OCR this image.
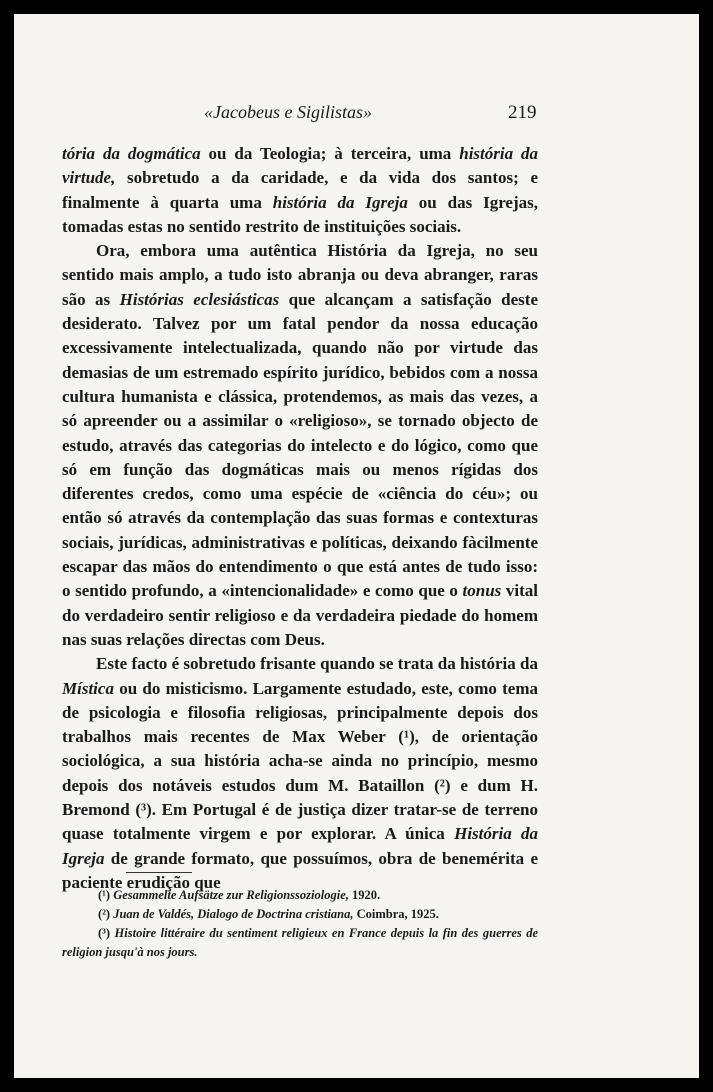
«Jacobeus e Sigilistas»	219

tória da dogmática ou da Teologia; à terceira, uma história da virtude, sobretudo a da caridade, e da vida dos santos; e finalmente à quarta uma história da Igreja ou das Igrejas, tomadas estas no sentido restrito de instituições sociais.

Ora, embora uma autêntica História da Igreja, no seu sentido mais amplo, a tudo isto abranja ou deva abranger, raras são as Histórias eclesiásticas que alcançam a satisfação deste desiderato. Talvez por um fatal pendor da nossa educação excessivamente intelectualizada, quando não por virtude das demasias de um estremado espírito jurídico, bebidos com a nossa cultura humanista e clássica, protendemos, as mais das vezes, a só apreender ou a assimilar o «religioso», se tornado objecto de estudo, através das categorias do intelecto e do lógico, como que só em função das dogmáticas mais ou menos rígidas dos diferentes credos, como uma espécie de «ciência do céu»; ou então só através da contemplação das suas formas e contexturas sociais, jurídicas, administrativas e políticas, deixando fàcilmente escapar das mãos do entendimento o que está antes de tudo isso: o sentido profundo, a «intencionalidade» e como que o tonus vital do verdadeiro sentir religioso e da verdadeira piedade do homem nas suas relações directas com Deus.

Este facto é sobretudo frisante quando se trata da história da Mística ou do misticismo. Largamente estudado, este, como tema de psicologia e filosofia religiosas, principalmente depois dos trabalhos mais recentes de Max Weber (¹), de orientação sociológica, a sua história acha-se ainda no princípio, mesmo depois dos notáveis estudos dum M. Bataillon (²) e dum H. Bremond (³). Em Portugal é de justiça dizer tratar-se de terreno quase totalmente virgem e por explorar. A única História da Igreja de grande formato, que possuímos, obra de benemérita e paciente erudição que

(¹) Gesammelte Aufsätze zur Religionssoziologie, 1920.
(²) Juan de Valdés, Dialogo de Doctrina cristiana, Coimbra, 1925.
(³) Histoire littéraire du sentiment religieux en France depuis la fin des guerres de religion jusqu'à nos jours.
